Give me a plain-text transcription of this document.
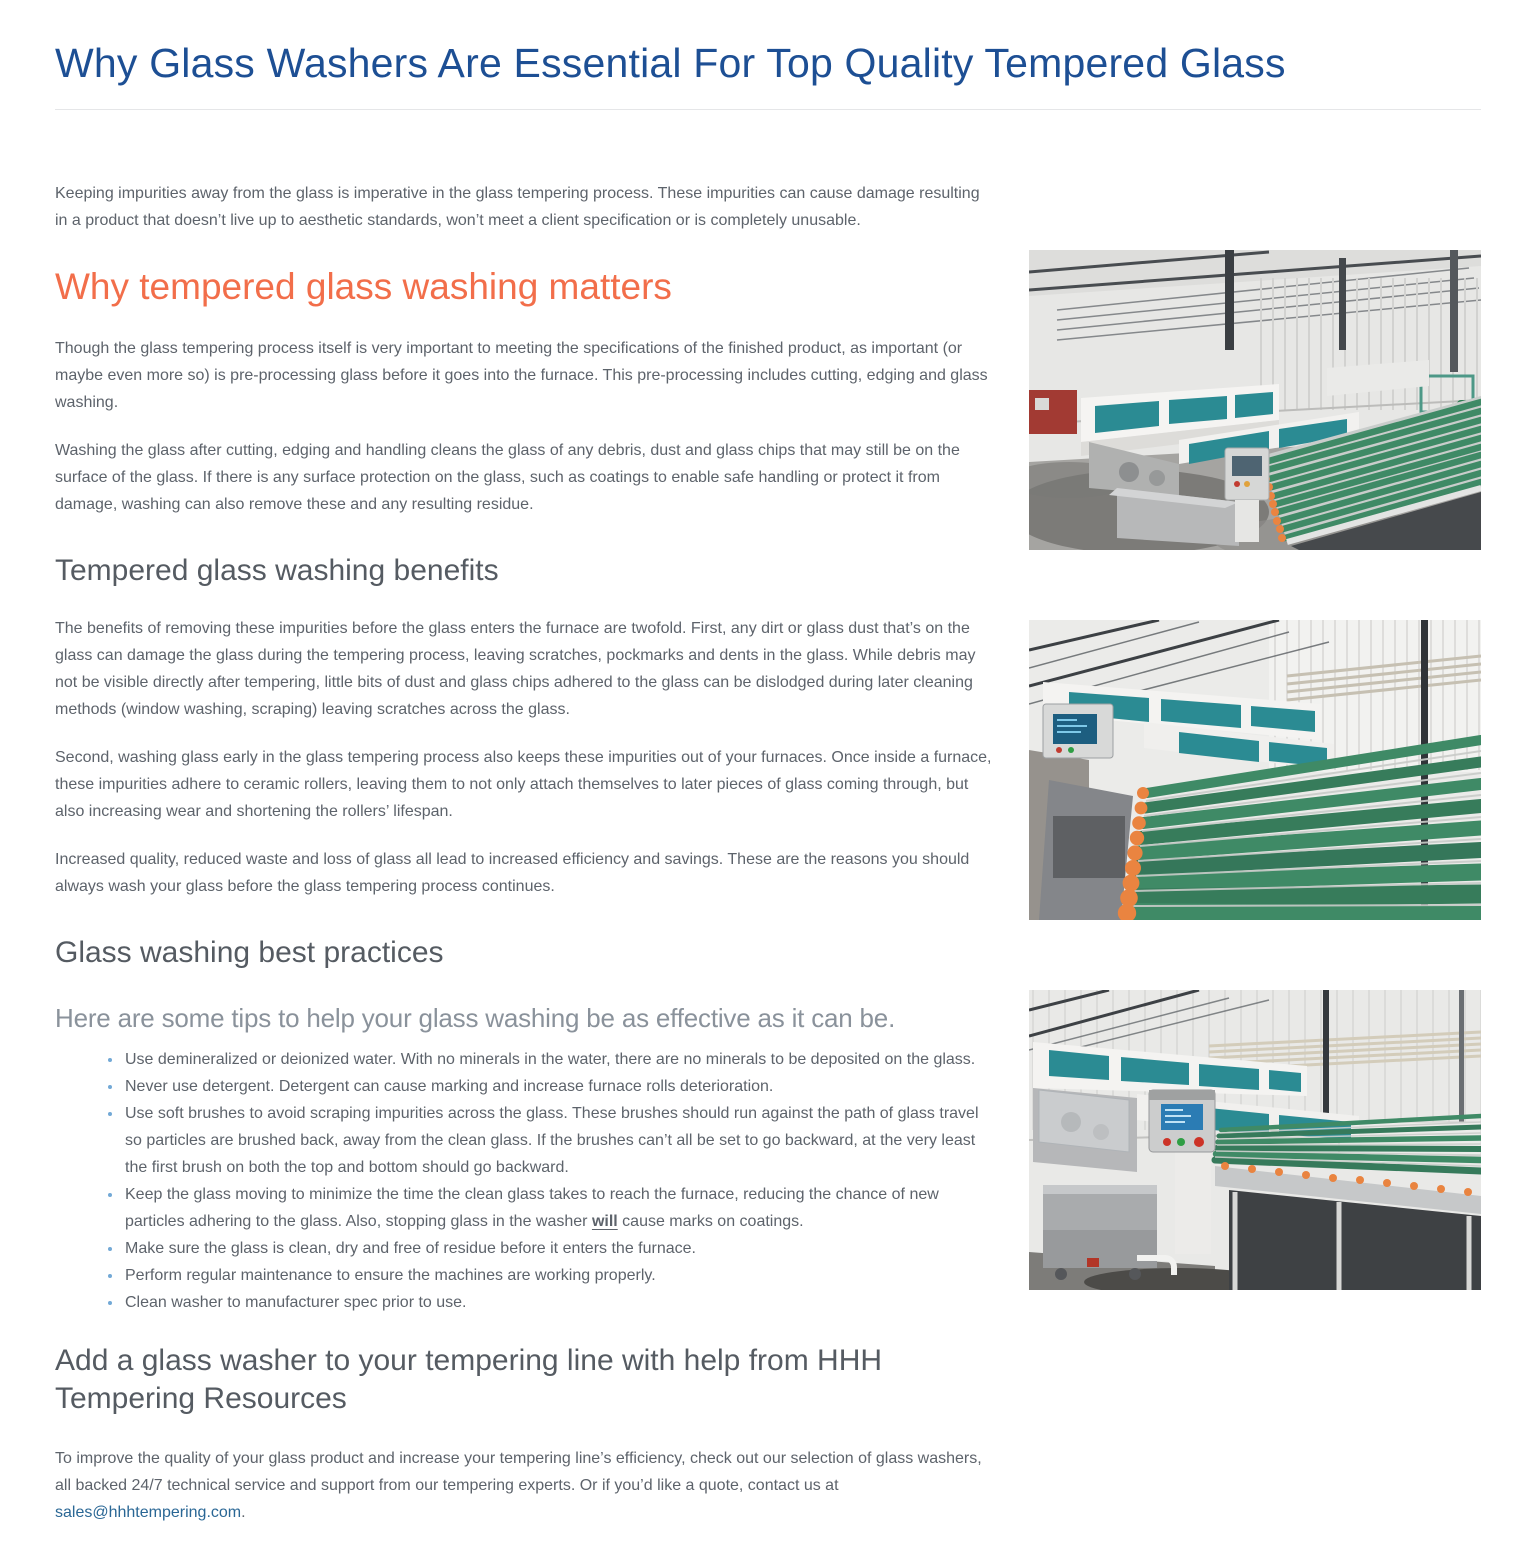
Why Glass Washers Are Essential For Top Quality Tempered Glass

Keeping impurities away from the glass is imperative in the glass tempering process. These impurities can cause damage resulting in a product that doesn’t live up to aesthetic standards, won’t meet a client specification or is completely unusable.

Why tempered glass washing matters

Though the glass tempering process itself is very important to meeting the specifications of the finished product, as important (or maybe even more so) is pre-processing glass before it goes into the furnace. This pre-processing includes cutting, edging and glass washing.

Washing the glass after cutting, edging and handling cleans the glass of any debris, dust and glass chips that may still be on the surface of the glass. If there is any surface protection on the glass, such as coatings to enable safe handling or protect it from damage, washing can also remove these and any resulting residue.

Tempered glass washing benefits

The benefits of removing these impurities before the glass enters the furnace are twofold. First, any dirt or glass dust that’s on the glass can damage the glass during the tempering process, leaving scratches, pockmarks and dents in the glass. While debris may not be visible directly after tempering, little bits of dust and glass chips adhered to the glass can be dislodged during later cleaning methods (window washing, scraping) leaving scratches across the glass.

Second, washing glass early in the glass tempering process also keeps these impurities out of your furnaces. Once inside a furnace, these impurities adhere to ceramic rollers, leaving them to not only attach themselves to later pieces of glass coming through, but also increasing wear and shortening the rollers’ lifespan.

Increased quality, reduced waste and loss of glass all lead to increased efficiency and savings. These are the reasons you should always wash your glass before the glass tempering process continues.

Glass washing best practices
Here are some tips to help your glass washing be as effective as it can be.
• Use demineralized or deionized water. With no minerals in the water, there are no minerals to be deposited on the glass.
• Never use detergent. Detergent can cause marking and increase furnace rolls deterioration.
• Use soft brushes to avoid scraping impurities across the glass. These brushes should run against the path of glass travel so particles are brushed back, away from the clean glass. If the brushes can’t all be set to go backward, at the very least the first brush on both the top and bottom should go backward.
• Keep the glass moving to minimize the time the clean glass takes to reach the furnace, reducing the chance of new particles adhering to the glass. Also, stopping glass in the washer will cause marks on coatings.
• Make sure the glass is clean, dry and free of residue before it enters the furnace.
• Perform regular maintenance to ensure the machines are working properly.
• Clean washer to manufacturer spec prior to use.
Add a glass washer to your tempering line with help from HHH Tempering Resources

To improve the quality of your glass product and increase your tempering line’s efficiency, check out our selection of glass washers, all backed 24/7 technical service and support from our tempering experts. Or if you’d like a quote, contact us at sales@hhhtempering.com.
